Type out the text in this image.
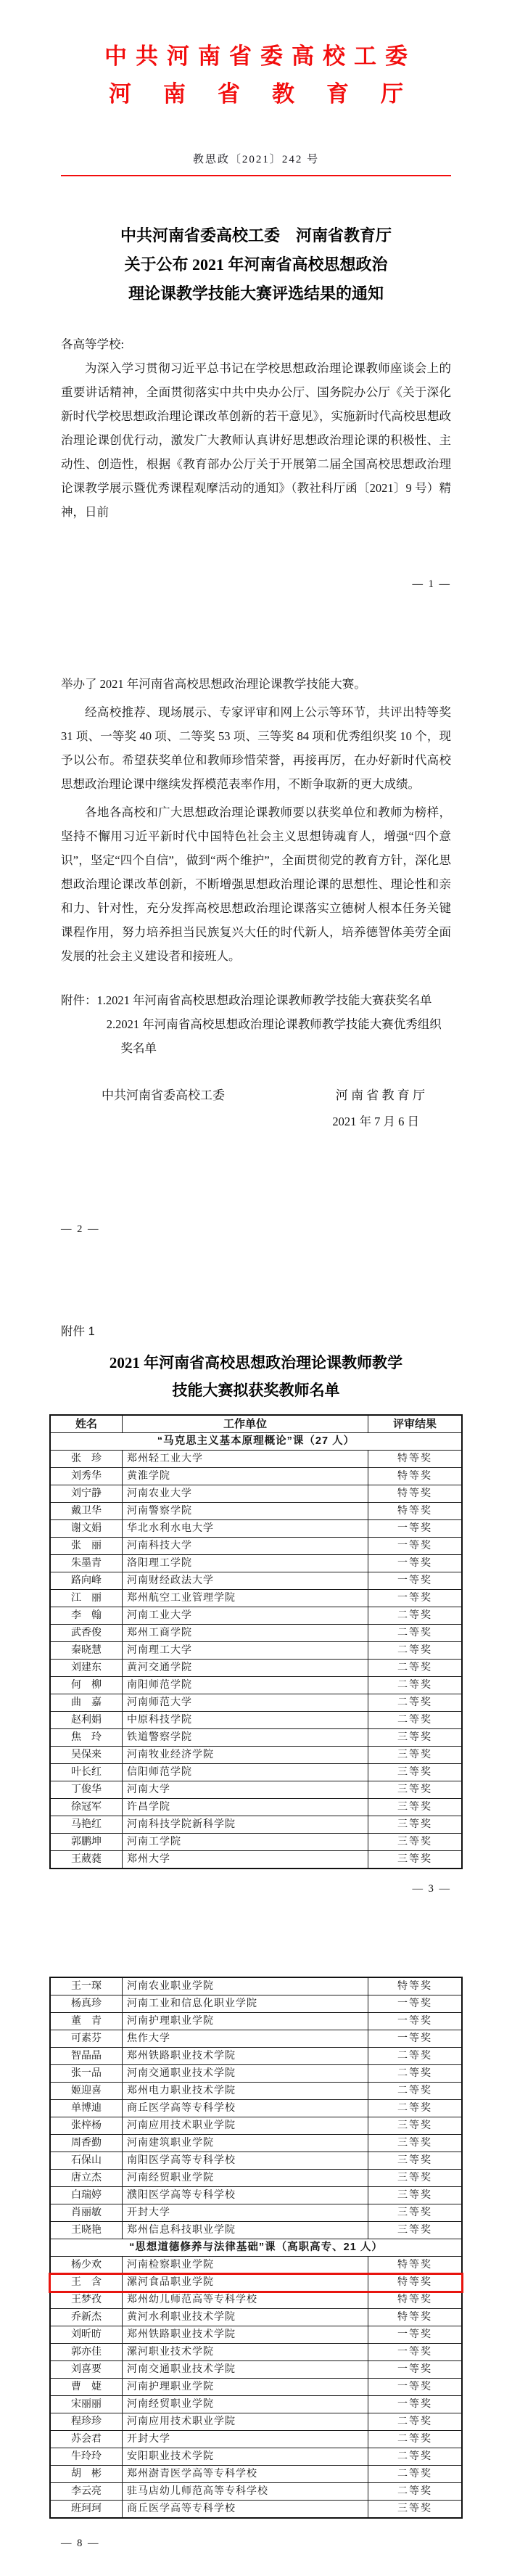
中共河南省委高校工委
河南省教育厅
教思政〔2021〕242 号
中共河南省委高校工委　河南省教育厅
关于公布 2021 年河南省高校思想政治
理论课教学技能大赛评选结果的通知
各高等学校:
为深入学习贯彻习近平总书记在学校思想政治理论课教师座谈会上的重要讲话精神，全面贯彻落实中共中央办公厅、国务院办公厅《关于深化新时代学校思想政治理论课改革创新的若干意见》，实施新时代高校思想政治理论课创优行动，激发广大教师认真讲好思想政治理论课的积极性、主动性、创造性，根据《教育部办公厅关于开展第二届全国高校思想政治理论课教学展示暨优秀课程观摩活动的通知》（教社科厅函〔2021〕9 号）精神，日前
— 1 —
举办了 2021 年河南省高校思想政治理论课教学技能大赛。
经高校推荐、现场展示、专家评审和网上公示等环节，共评出特等奖 31 项、一等奖 40 项、二等奖 53 项、三等奖 84 项和优秀组织奖 10 个，现予以公布。希望获奖单位和教师珍惜荣誉，再接再厉，在办好新时代高校思想政治理论课中继续发挥模范表率作用，不断争取新的更大成绩。
各地各高校和广大思想政治理论课教师要以获奖单位和教师为榜样，坚持不懈用习近平新时代中国特色社会主义思想铸魂育人，增强“四个意识”，坚定“四个自信”，做到“两个维护”，全面贯彻党的教育方针，深化思想政治理论课改革创新，不断增强思想政治理论课的思想性、理论性和亲和力、针对性，充分发挥高校思想政治理论课落实立德树人根本任务关键课程作用，努力培养担当民族复兴大任的时代新人，培养德智体美劳全面发展的社会主义建设者和接班人。
附件：1.2021 年河南省高校思想政治理论课教师教学技能大赛获奖名单
2.2021 年河南省高校思想政治理论课教师教学技能大赛优秀组织奖名单
中共河南省委高校工委	河 南 省 教 育 厅
2021 年 7 月 6 日
— 2 —
附件 1
2021 年河南省高校思想政治理论课教师教学
技能大赛拟获奖教师名单
姓名	工作单位	评审结果
“马克思主义基本原理概论”课（27 人）		
张　珍	郑州轻工业大学	特等奖
刘秀华	黄淮学院	特等奖
刘宁静	河南农业大学	特等奖
戴卫华	河南警察学院	特等奖
谢文娟	华北水利水电大学	一等奖
张　丽	河南科技大学	一等奖
朱墨青	洛阳理工学院	一等奖
路向峰	河南财经政法大学	一等奖
江　丽	郑州航空工业管理学院	一等奖
李　翰	河南工业大学	二等奖
武香俊	郑州工商学院	二等奖
秦晓慧	河南理工大学	二等奖
刘建东	黄河交通学院	二等奖
何　柳	南阳师范学院	二等奖
曲　嘉	河南师范大学	二等奖
赵利娟	中原科技学院	二等奖
焦　玲	铁道警察学院	三等奖
吴保来	河南牧业经济学院	三等奖
叶长红	信阳师范学院	三等奖
丁俊华	河南大学	三等奖
徐冠军	许昌学院	三等奖
马艳红	河南科技学院新科学院	三等奖
郭鹏坤	河南工学院	三等奖
王葳蕤	郑州大学	三等奖
— 3 —
王一琛	河南农业职业学院	特等奖
杨真珍	河南工业和信息化职业学院	一等奖
董　青	河南护理职业学院	一等奖
可素芬	焦作大学	一等奖
智晶晶	郑州铁路职业技术学院	二等奖
张一品	河南交通职业技术学院	二等奖
姬迎喜	郑州电力职业技术学院	二等奖
单博迪	商丘医学高等专科学校	二等奖
张梓杨	河南应用技术职业学院	三等奖
周香勤	河南建筑职业学院	三等奖
石保山	南阳医学高等专科学校	三等奖
唐立杰	河南经贸职业学院	三等奖
白瑞婷	濮阳医学高等专科学校	三等奖
肖丽敏	开封大学	三等奖
王晓艳	郑州信息科技职业学院	三等奖
“思想道德修养与法律基础”课（高职高专、21 人）		
杨少欢	河南检察职业学院	特等奖
王　含	漯河食品职业学院	特等奖
王梦孜	郑州幼儿师范高等专科学校	特等奖
乔新杰	黄河水利职业技术学院	特等奖
刘昕昉	郑州铁路职业技术学院	一等奖
郭亦佳	漯河职业技术学院	一等奖
刘喜要	河南交通职业技术学院	一等奖
曹　婕	河南护理职业学院	一等奖
宋丽丽	河南经贸职业学院	一等奖
程珍珍	河南应用技术职业学院	二等奖
苏会君	开封大学	二等奖
牛玲玲	安阳职业技术学院	二等奖
胡　彬	郑州澍青医学高等专科学校	二等奖
李云亮	驻马店幼儿师范高等专科学校	二等奖
班珂珂	商丘医学高等专科学校	三等奖
— 8 —
